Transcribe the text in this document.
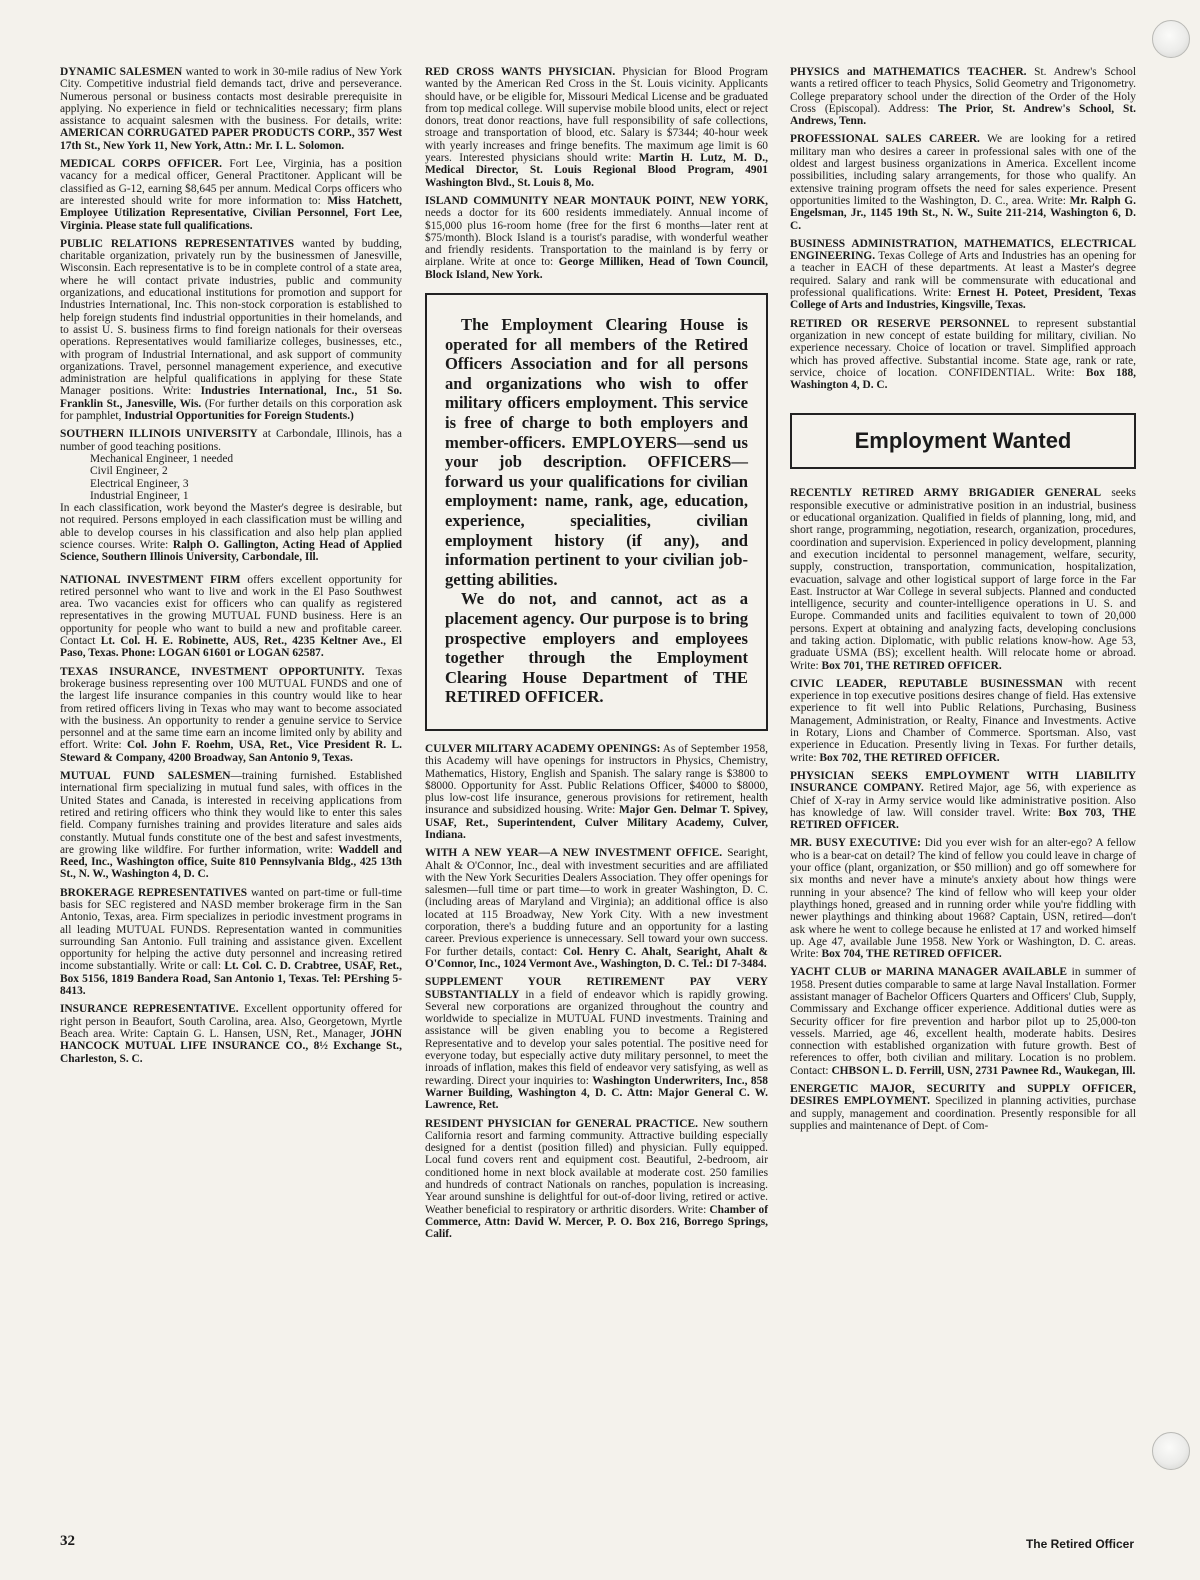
DYNAMIC SALESMEN wanted to work in 30-mile radius of New York City. Competitive industrial field demands tact, drive and perseverance. Numerous personal or business contacts most desirable prerequisite in applying. No experience in field or technicalities necessary; firm plans assistance to acquaint salesmen with the business. For details, write: AMERICAN CORRUGATED PAPER PRODUCTS CORP., 357 West 17th St., New York 11, New York, Attn.: Mr. I. L. Solomon.

MEDICAL CORPS OFFICER. Fort Lee, Virginia, has a position vacancy for a medical officer, General Practitoner. Applicant will be classified as G-12, earning $8,645 per annum. Medical Corps officers who are interested should write for more information to: Miss Hatchett, Employee Utilization Representative, Civilian Personnel, Fort Lee, Virginia. Please state full qualifications.

PUBLIC RELATIONS REPRESENTATIVES wanted by budding, charitable organization, privately run by the businessmen of Janesville, Wisconsin. Each representative is to be in complete control of a state area, where he will contact private industries, public and community organizations, and educational institutions for promotion and support for Industries International, Inc. This non-stock corporation is established to help foreign students find industrial opportunities in their homelands, and to assist U. S. business firms to find foreign nationals for their overseas operations. Representatives would familiarize colleges, businesses, etc., with program of Industrial International, and ask support of community organizations. Travel, personnel management experience, and executive administration are helpful qualifications in applying for these State Manager positions. Write: Industries International, Inc., 51 So. Franklin St., Janesville, Wis. (For further details on this corporation ask for pamphlet, Industrial Opportunities for Foreign Students.)

SOUTHERN ILLINOIS UNIVERSITY at Carbondale, Illinois, has a number of good teaching positions.
Mechanical Engineer, 1 needed
Civil Engineer, 2
Electrical Engineer, 3
Industrial Engineer, 1
In each classification, work beyond the Master's degree is desirable, but not required. Persons employed in each classification must be willing and able to develop courses in his classification and also help plan applied science courses. Write: Ralph O. Gallington, Acting Head of Applied Science, Southern Illinois University, Carbondale, Ill.

NATIONAL INVESTMENT FIRM offers excellent opportunity for retired personnel who want to live and work in the El Paso Southwest area. Two vacancies exist for officers who can qualify as registered representatives in the growing MUTUAL FUND business. Here is an opportunity for people who want to build a new and profitable career. Contact Lt. Col. H. E. Robinette, AUS, Ret., 4235 Keltner Ave., El Paso, Texas. Phone: LOGAN 61601 or LOGAN 62587.

TEXAS INSURANCE, INVESTMENT OPPORTUNITY. Texas brokerage business representing over 100 MUTUAL FUNDS and one of the largest life insurance companies in this country would like to hear from retired officers living in Texas who may want to become associated with the business. An opportunity to render a genuine service to Service personnel and at the same time earn an income limited only by ability and effort. Write: Col. John F. Roehm, USA, Ret., Vice President R. L. Steward & Company, 4200 Broadway, San Antonio 9, Texas.

MUTUAL FUND SALESMEN—training furnished. Established international firm specializing in mutual fund sales, with offices in the United States and Canada, is interested in receiving applications from retired and retiring officers who think they would like to enter this sales field. Company furnishes training and provides literature and sales aids constantly. Mutual funds constitute one of the best and safest investments, are growing like wildfire. For further information, write: Waddell and Reed, Inc., Washington office, Suite 810 Pennsylvania Bldg., 425 13th St., N. W., Washington 4, D. C.

BROKERAGE REPRESENTATIVES wanted on part-time or full-time basis for SEC registered and NASD member brokerage firm in the San Antonio, Texas, area. Firm specializes in periodic investment programs in all leading MUTUAL FUNDS. Representation wanted in communities surrounding San Antonio. Full training and assistance given. Excellent opportunity for helping the active duty personnel and increasing retired income substantially. Write or call: Lt. Col. C. D. Crabtree, USAF, Ret., Box 5156, 1819 Bandera Road, San Antonio 1, Texas. Tel: PErshing 5-8413.

INSURANCE REPRESENTATIVE. Excellent opportunity offered for right person in Beaufort, South Carolina, area. Also, Georgetown, Myrtle Beach area. Write: Captain G. L. Hansen, USN, Ret., Manager, JOHN HANCOCK MUTUAL LIFE INSURANCE CO., 8½ Exchange St., Charleston, S. C.

RED CROSS WANTS PHYSICIAN. Physician for Blood Program wanted by the American Red Cross in the St. Louis vicinity. Applicants should have, or be eligible for, Missouri Medical License and be graduated from top medical college. Will supervise mobile blood units, elect or reject donors, treat donor reactions, have full responsibility of safe collections, stroage and transportation of blood, etc. Salary is $7344; 40-hour week with yearly increases and fringe benefits. The maximum age limit is 60 years. Interested physicians should write: Martin H. Lutz, M. D., Medical Director, St. Louis Regional Blood Program, 4901 Washington Blvd., St. Louis 8, Mo.

ISLAND COMMUNITY NEAR MONTAUK POINT, NEW YORK, needs a doctor for its 600 residents immediately. Annual income of $15,000 plus 16-room home (free for the first 6 months—later rent at $75/month). Block Island is a tourist's paradise, with wonderful weather and friendly residents. Transportation to the mainland is by ferry or airplane. Write at once to: George Milliken, Head of Town Council, Block Island, New York.

The Employment Clearing House is operated for all members of the Retired Officers Association and for all persons and organizations who wish to offer military officers employment. This service is free of charge to both employers and member-officers. EMPLOYERS—send us your job description. OFFICERS—forward us your qualifications for civilian employment: name, rank, age, education, experience, specialities, civilian employment history (if any), and information pertinent to your civilian job-getting abilities.

We do not, and cannot, act as a placement agency. Our purpose is to bring prospective employers and employees together through the Employment Clearing House Department of THE RETIRED OFFICER.

CULVER MILITARY ACADEMY OPENINGS: As of September 1958, this Academy will have openings for instructors in Physics, Chemistry, Mathematics, History, English and Spanish. The salary range is $3800 to $8000. Opportunity for Asst. Public Relations Officer, $4000 to $8000, plus low-cost life insurance, generous provisions for retirement, health insurance and subsidized housing. Write: Major Gen. Delmar T. Spivey, USAF, Ret., Superintendent, Culver Military Academy, Culver, Indiana.

WITH A NEW YEAR—A NEW INVESTMENT OFFICE. Searight, Ahalt & O'Connor, Inc., deal with investment securities and are affiliated with the New York Securities Dealers Association. They offer openings for salesmen—full time or part time—to work in greater Washington, D. C. (including areas of Maryland and Virginia); an additional office is also located at 115 Broadway, New York City. With a new investment corporation, there's a budding future and an opportunity for a lasting career. Previous experience is unnecessary. Sell toward your own success. For further details, contact: Col. Henry C. Ahalt, Searight, Ahalt & O'Connor, Inc., 1024 Vermont Ave., Washington, D. C. Tel.: DI 7-3484.

SUPPLEMENT YOUR RETIREMENT PAY VERY SUBSTANTIALLY in a field of endeavor which is rapidly growing. Several new corporations are organized throughout the country and worldwide to specialize in MUTUAL FUND investments. Training and assistance will be given enabling you to become a Registered Representative and to develop your sales potential. The positive need for everyone today, but especially active duty military personnel, to meet the inroads of inflation, makes this field of endeavor very satisfying, as well as rewarding. Direct your inquiries to: Washington Underwriters, Inc., 858 Warner Building, Washington 4, D. C. Attn: Major General C. W. Lawrence, Ret.

RESIDENT PHYSICIAN for GENERAL PRACTICE. New southern California resort and farming community. Attractive building especially designed for a dentist (position filled) and physician. Fully equipped. Local fund covers rent and equipment cost. Beautiful, 2-bedroom, air conditioned home in next block available at moderate cost. 250 families and hundreds of contract Nationals on ranches, population is increasing. Year around sunshine is delightful for out-of-door living, retired or active. Weather beneficial to respiratory or arthritic disorders. Write: Chamber of Commerce, Attn: David W. Mercer, P. O. Box 216, Borrego Springs, Calif.

PHYSICS and MATHEMATICS TEACHER. St. Andrew's School wants a retired officer to teach Physics, Solid Geometry and Trigonometry. College preparatory school under the direction of the Order of the Holy Cross (Episcopal). Address: The Prior, St. Andrew's School, St. Andrews, Tenn.

PROFESSIONAL SALES CAREER. We are looking for a retired military man who desires a career in professional sales with one of the oldest and largest business organizations in America. Excellent income possibilities, including salary arrangements, for those who qualify. An extensive training program offsets the need for sales experience. Present opportunities limited to the Washington, D. C., area. Write: Mr. Ralph G. Engelsman, Jr., 1145 19th St., N. W., Suite 211-214, Washington 6, D. C.

BUSINESS ADMINISTRATION, MATHEMATICS, ELECTRICAL ENGINEERING. Texas College of Arts and Industries has an opening for a teacher in EACH of these departments. At least a Master's degree required. Salary and rank will be commensurate with educational and professional qualifications. Write: Ernest H. Poteet, President, Texas College of Arts and Industries, Kingsville, Texas.

RETIRED OR RESERVE PERSONNEL to represent substantial organization in new concept of estate building for military, civilian. No experience necessary. Choice of location or travel. Simplified approach which has proved affective. Substantial income. State age, rank or rate, service, choice of location. CONFIDENTIAL. Write: Box 188, Washington 4, D. C.

Employment Wanted

RECENTLY RETIRED ARMY BRIGADIER GENERAL seeks responsible executive or administrative position in an industrial, business or educational organization. Qualified in fields of planning, long, mid, and short range, programming, negotiation, research, organization, procedures, coordination and supervision. Experienced in policy development, planning and execution incidental to personnel management, welfare, security, supply, construction, transportation, communication, hospitalization, evacuation, salvage and other logistical support of large force in the Far East. Instructor at War College in several subjects. Planned and conducted intelligence, security and counter-intelligence operations in U. S. and Europe. Commanded units and facilities equivalent to town of 20,000 persons. Expert at obtaining and analyzing facts, developing conclusions and taking action. Diplomatic, with public relations know-how. Age 53, graduate USMA (BS); excellent health. Will relocate home or abroad. Write: Box 701, THE RETIRED OFFICER.

CIVIC LEADER, REPUTABLE BUSINESSMAN with recent experience in top executive positions desires change of field. Has extensive experience to fit well into Public Relations, Purchasing, Business Management, Administration, or Realty, Finance and Investments. Active in Rotary, Lions and Chamber of Commerce. Sportsman. Also, vast experience in Education. Presently living in Texas. For further details, write: Box 702, THE RETIRED OFFICER.

PHYSICIAN SEEKS EMPLOYMENT WITH LIABILITY INSURANCE COMPANY. Retired Major, age 56, with experience as Chief of X-ray in Army service would like administrative position. Also has knowledge of law. Will consider travel. Write: Box 703, THE RETIRED OFFICER.

MR. BUSY EXECUTIVE: Did you ever wish for an alter-ego? A fellow who is a bear-cat on detail? The kind of fellow you could leave in charge of your office (plant, organization, or $50 million) and go off somewhere for six months and never have a minute's anxiety about how things were running in your absence? The kind of fellow who will keep your older playthings honed, greased and in running order while you're fiddling with newer playthings and thinking about 1968? Captain, USN, retired—don't ask where he went to college because he enlisted at 17 and worked himself up. Age 47, available June 1958. New York or Washington, D. C. areas. Write: Box 704, THE RETIRED OFFICER.

YACHT CLUB or MARINA MANAGER AVAILABLE in summer of 1958. Present duties comparable to same at large Naval Installation. Former assistant manager of Bachelor Officers Quarters and Officers' Club, Supply, Commissary and Exchange officer experience. Additional duties were as Security officer for fire prevention and harbor pilot up to 25,000-ton vessels. Married, age 46, excellent health, moderate habits. Desires connection with established organization with future growth. Best of references to offer, both civilian and military. Location is no problem. Contact: CHBSON L. D. Ferrill, USN, 2731 Pawnee Rd., Waukegan, Ill.

ENERGETIC MAJOR, SECURITY and SUPPLY OFFICER, DESIRES EMPLOYMENT. Specilized in planning activities, purchase and supply, management and coordination. Presently responsible for all supplies and maintenance of Dept. of Com-

32	The Retired Officer
